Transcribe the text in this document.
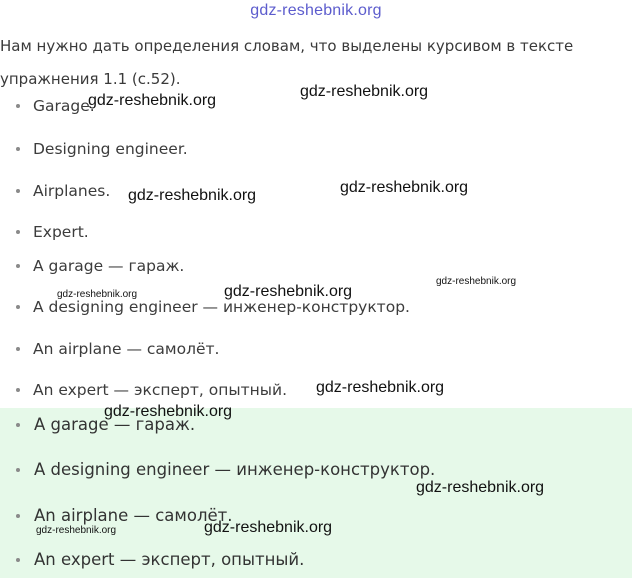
gdz-reshebnik.org
Нам нужно дать определения словам, что выделены курсивом в тексте упражнения 1.1 (с.52).
Garage.
Designing engineer.
Airplanes.
Expert.
A garage — гараж.
A designing engineer — инженер-конструктор.
An airplane — самолёт.
An expert — эксперт, опытный.
A garage — гараж.
A designing engineer — инженер-конструктор.
An airplane — самолёт.
An expert — эксперт, опытный.
gdz-reshebnik.org
gdz-reshebnik.org
gdz-reshebnik.org	gdz-reshebnik.org
gdz-reshebnik.org
gdz-reshebnik.org	gdz-reshebnik.org
gdz-reshebnik.org
gdz-reshebnik.org
gdz-reshebnik.org
gdz-reshebnik.org	gdz-reshebnik.org
